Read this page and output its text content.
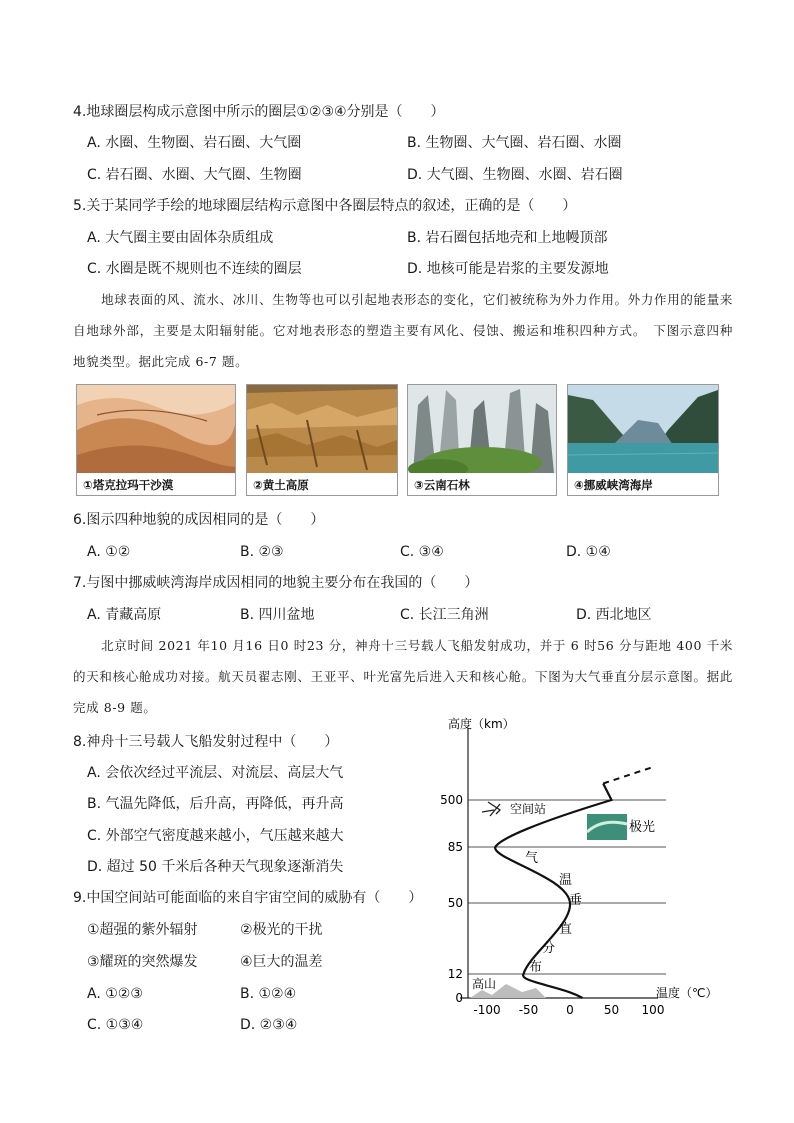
4.地球圈层构成示意图中所示的圈层①②③④分别是（　　）
A. 水圈、生物圈、岩石圈、大气圈	B. 生物圈、大气圈、岩石圈、水圈
C. 岩石圈、水圈、大气圈、生物圈	D. 大气圈、生物圈、水圈、岩石圈
5.关于某同学手绘的地球圈层结构示意图中各圈层特点的叙述，正确的是（　　）
A. 大气圈主要由固体杂质组成	B. 岩石圈包括地壳和上地幔顶部
C. 水圈是既不规则也不连续的圈层	D. 地核可能是岩浆的主要发源地
地球表面的风、流水、冰川、生物等也可以引起地表形态的变化，它们被统称为外力作用。外力作用的能量来自地球外部，主要是太阳辐射能。它对地表形态的塑造主要有风化、侵蚀、搬运和堆积四种方式。　下图示意四种地貌类型。据此完成 6-7 题。
①塔克拉玛干沙漠	②黄土高原	③云南石林	④挪威峡湾海岸
6.图示四种地貌的成因相同的是（　　）
A. ①②	B. ②③	C. ③④	D. ①④
7.与图中挪威峡湾海岸成因相同的地貌主要分布在我国的（　　）
A. 青藏高原	B. 四川盆地	C. 长江三角洲	D. 西北地区
北京时间 2021 年10 月16 日0 时23 分，神舟十三号载人飞船发射成功，并于 6 时56 分与距地 400 千米的天和核心舱成功对接。航天员翟志刚、王亚平、叶光富先后进入天和核心舱。下图为大气垂直分层示意图。据此完成 8-9 题。
8.神舟十三号载人飞船发射过程中（　　）
A. 会依次经过平流层、对流层、高层大气
B. 气温先降低，后升高，再降低，再升高
C. 外部空气密度越来越小，气压越来越大
D. 超过 50 千米后各种天气现象逐渐消失
9.中国空间站可能面临的来自宇宙空间的威胁有（　　）
①超强的紫外辐射	②极光的干扰
③耀斑的突然爆发	④巨大的温差
A. ①②③	B. ①②④
C. ①③④	D. ②③④
0
12
50
85
500
-100 -50 0	50 100
高度（km）
温度（℃）
高山
空间站
极光
气
温
垂
直
分
布
